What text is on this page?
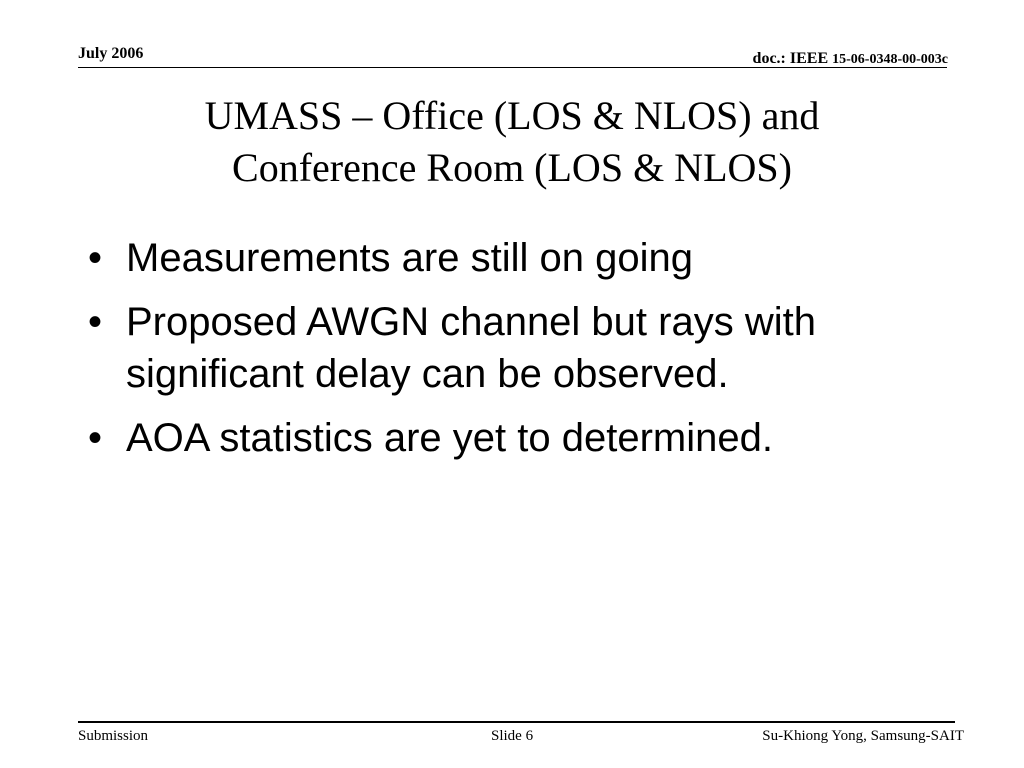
July 2006	doc.: IEEE 15-06-0348-00-003c
UMASS – Office (LOS & NLOS) and
Conference Room (LOS & NLOS)
• Measurements are still on going
• Proposed AWGN channel but rays with significant delay can be observed.
• AOA statistics are yet to determined.
Submission	Slide 6	Su-Khiong Yong, Samsung-SAIT
